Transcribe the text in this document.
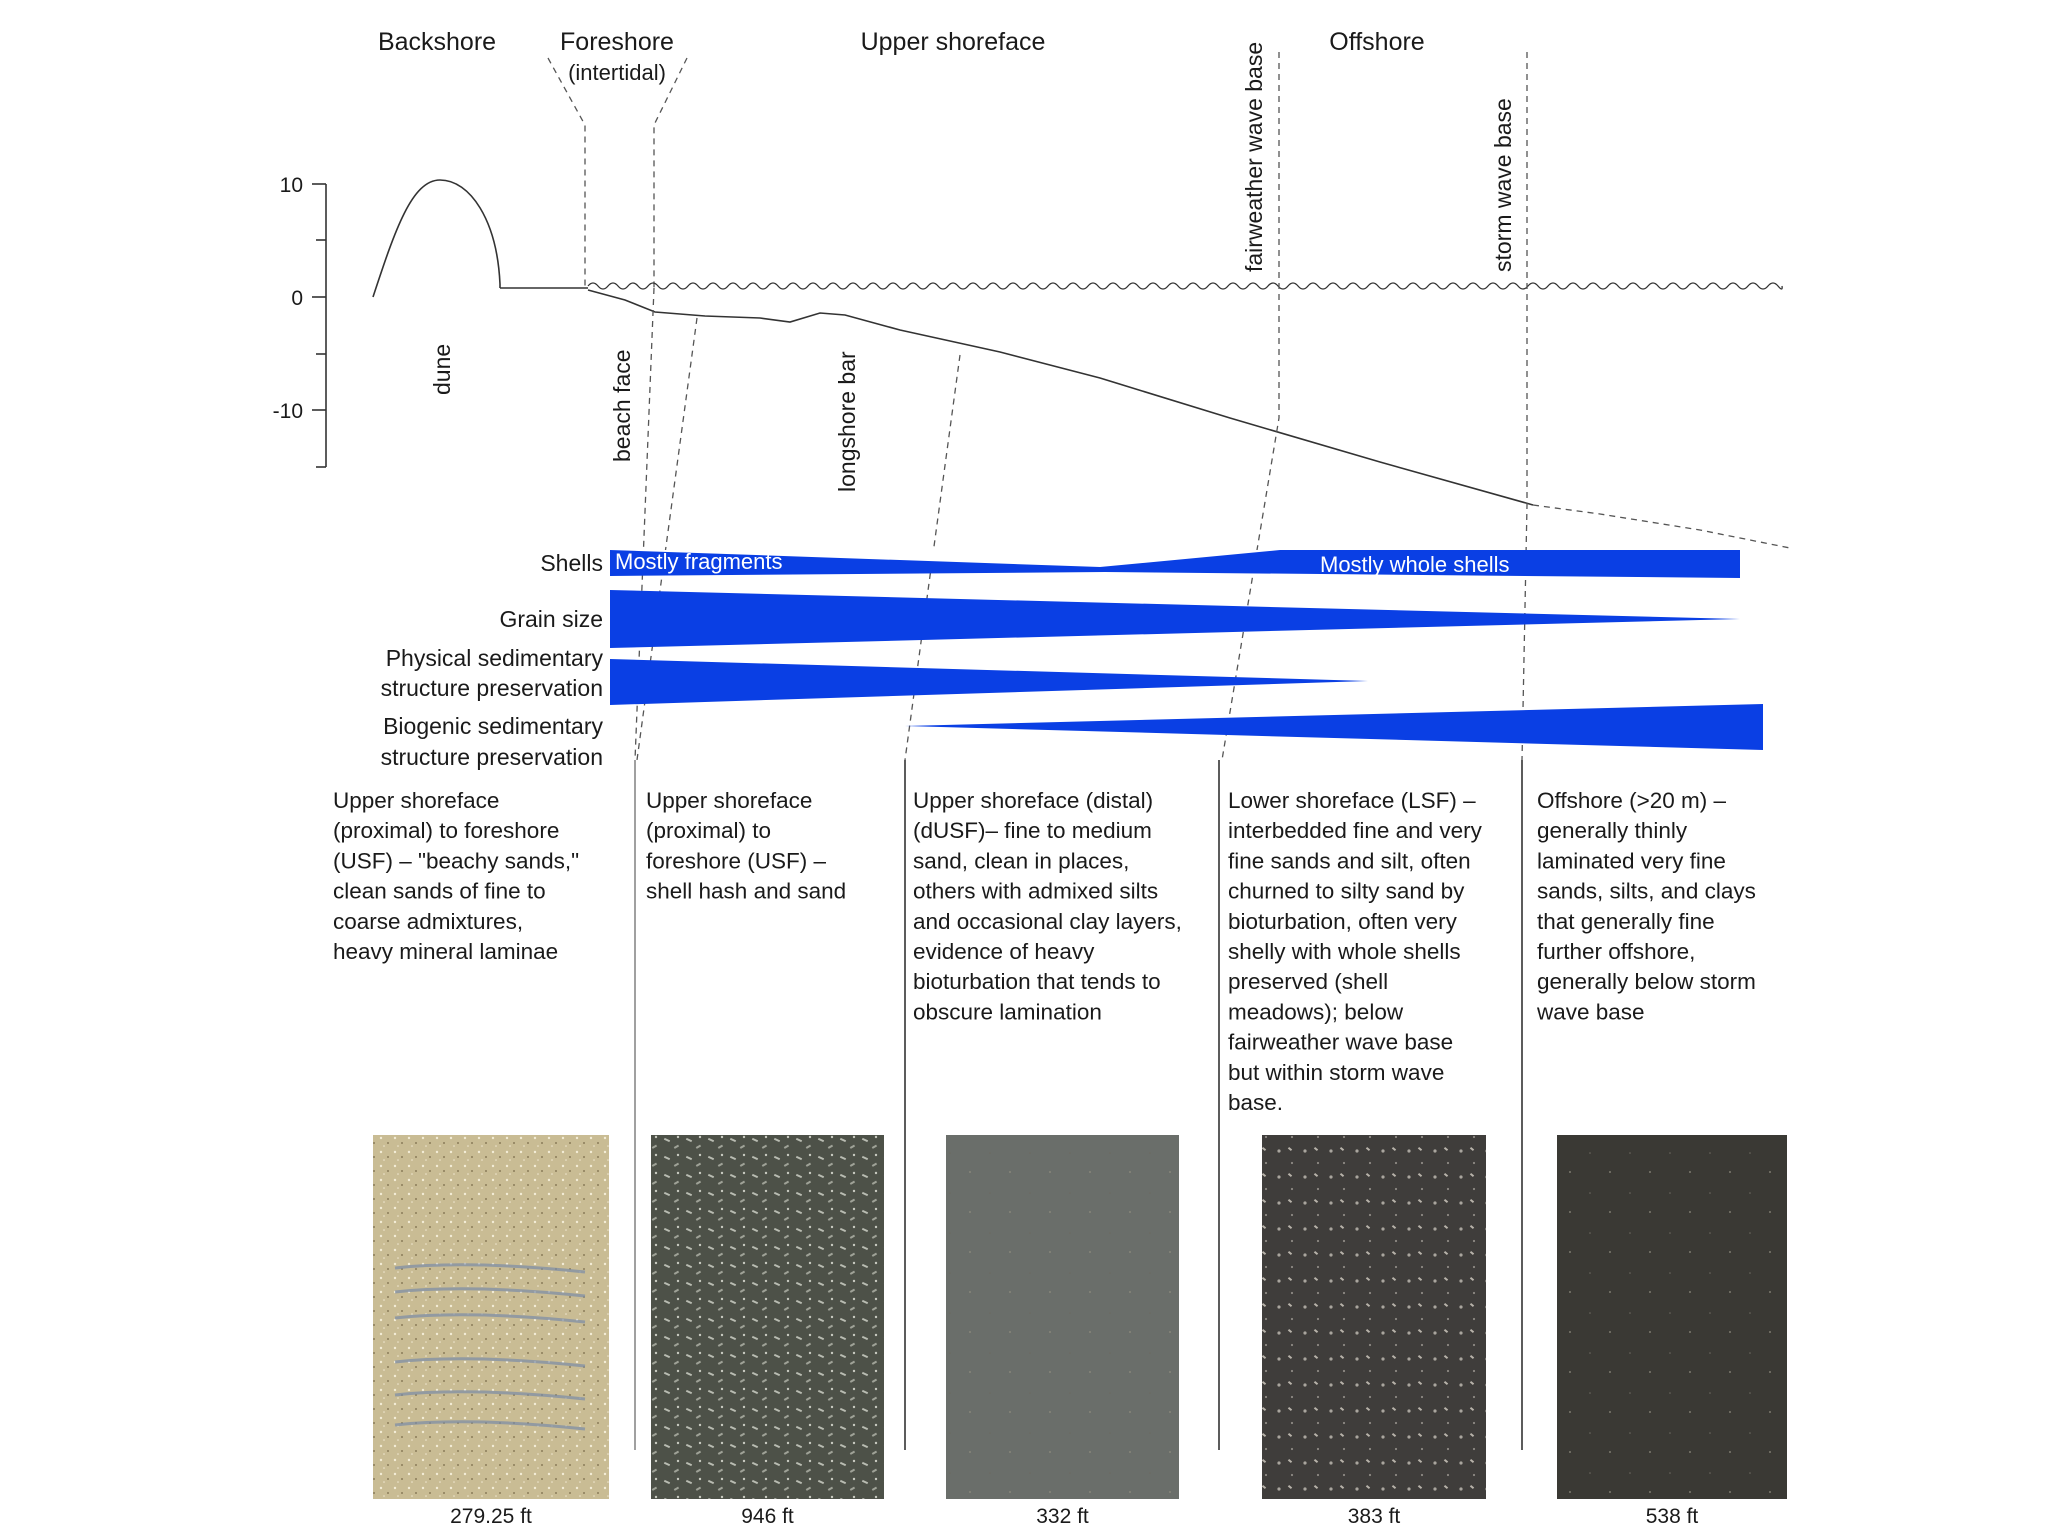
Backshore	Foreshore
(intertidal)
Upper shoreface	Offshore
fairweather wave base	storm wave base
10
0
-10
dune	beach face	longshore bar
Mostly fragments	Mostly whole shells
Shells
Grain size
Physical sedimentary
structure preservation
Biogenic sedimentary
structure preservation
Upper shoreface
(proximal) to foreshore
(USF) – "beachy sands,"
clean sands of fine to
coarse admixtures,
heavy mineral laminae
279.25 ft
Upper shoreface
(proximal) to
foreshore (USF) –
shell hash and sand
946 ft
Upper shoreface (distal)
(dUSF)– fine to medium
sand, clean in places,
others with admixed silts
and occasional clay layers,
evidence of heavy
bioturbation that tends to
obscure lamination
332 ft
Lower shoreface (LSF) –
interbedded fine and very
fine sands and silt, often
churned to silty sand by
bioturbation, often very
shelly with whole shells
preserved (shell
meadows); below
fairweather wave base
but within storm wave
base.
383 ft
Offshore (>20 m) –
generally thinly
laminated very fine
sands, silts, and clays
that generally fine
further offshore,
generally below storm
wave base
538 ft
